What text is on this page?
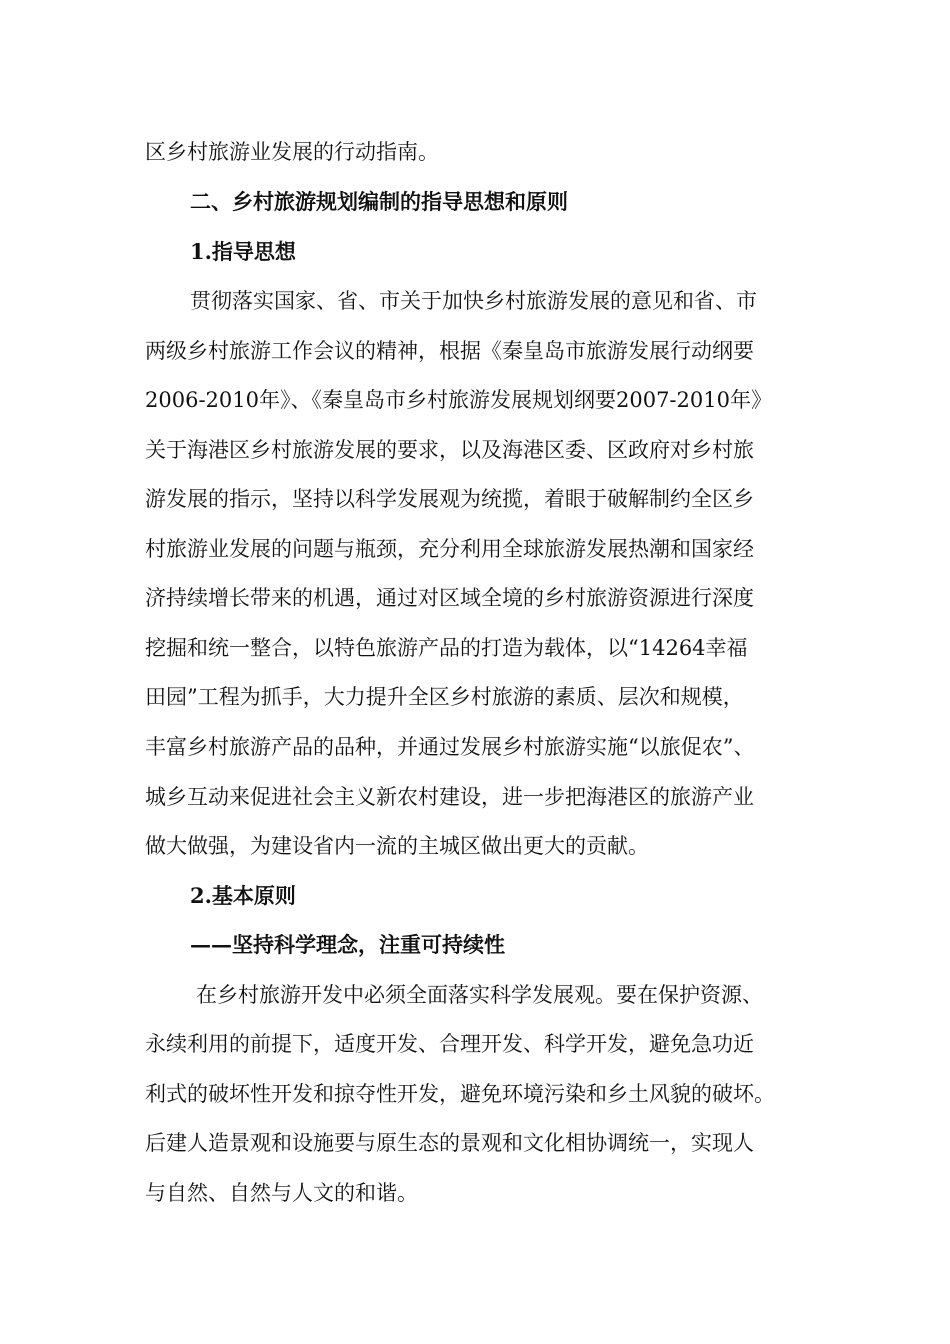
区乡村旅游业发展的行动指南。
二、乡村旅游规划编制的指导思想和原则
1.指导思想
贯彻落实国家、省、市关于加快乡村旅游发展的意见和省、市
两级乡村旅游工作会议的精神，根据《秦皇岛市旅游发展行动纲要
2006-2010年》、《秦皇岛市乡村旅游发展规划纲要2007-2010年》
关于海港区乡村旅游发展的要求，以及海港区委、区政府对乡村旅
游发展的指示，坚持以科学发展观为统揽，着眼于破解制约全区乡
村旅游业发展的问题与瓶颈，充分利用全球旅游发展热潮和国家经
济持续增长带来的机遇，通过对区域全境的乡村旅游资源进行深度
挖掘和统一整合，以特色旅游产品的打造为载体，以“14264幸福
田园”工程为抓手，大力提升全区乡村旅游的素质、层次和规模，
丰富乡村旅游产品的品种，并通过发展乡村旅游实施“以旅促农”、
城乡互动来促进社会主义新农村建设，进一步把海港区的旅游产业
做大做强，为建设省内一流的主城区做出更大的贡献。
2.基本原则
——坚持科学理念，注重可持续性
在乡村旅游开发中必须全面落实科学发展观。要在保护资源、
永续利用的前提下，适度开发、合理开发、科学开发，避免急功近
利式的破坏性开发和掠夺性开发，避免环境污染和乡土风貌的破坏。
后建人造景观和设施要与原生态的景观和文化相协调统一，实现人
与自然、自然与人文的和谐。
